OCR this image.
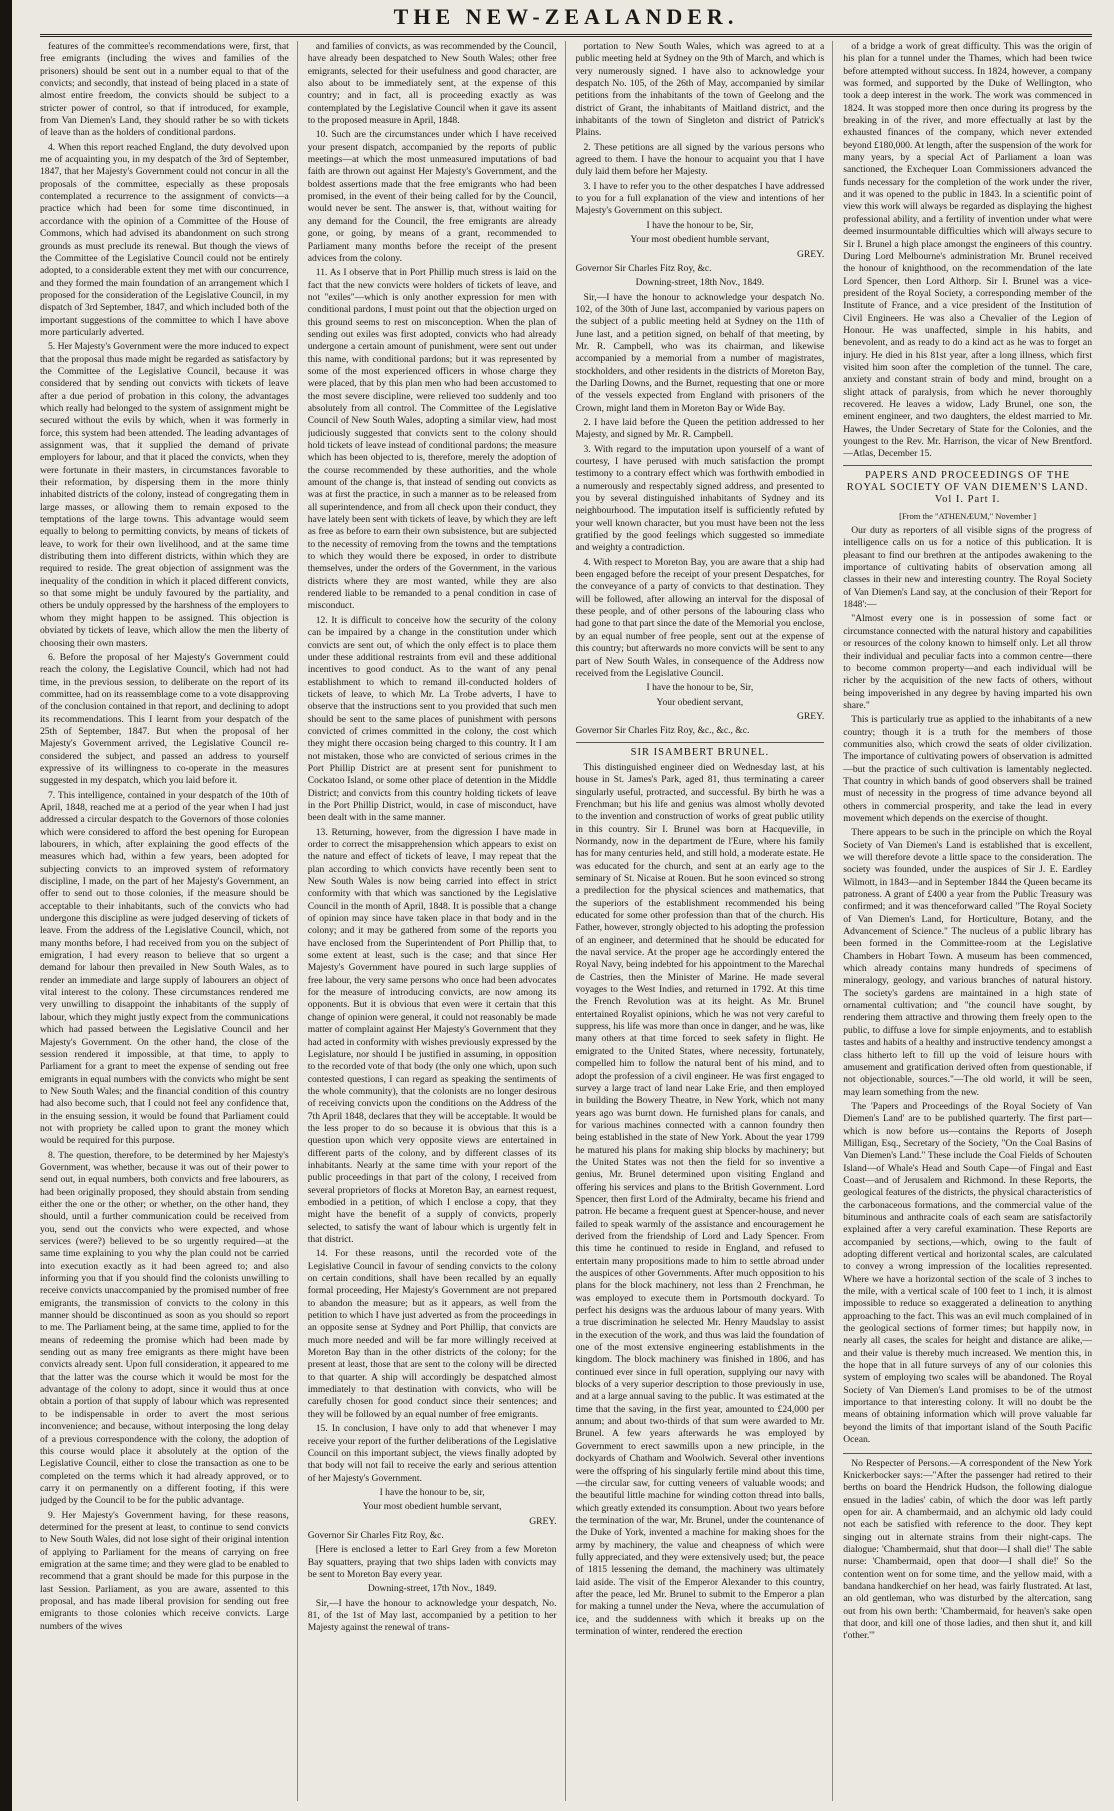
THE NEW-ZEALANDER.

features of the committee's recommendations were, first, that free emigrants (including the wives and families of the prisoners) should be sent out in a number equal to that of the convicts; and secondly, that instead of being placed in a state of almost entire freedom, the convicts should be subject to a stricter power of control, so that if introduced, for example, from Van Diemen's Land, they should rather be so with tickets of leave than as the holders of conditional pardons.

4. When this report reached England, the duty devolved upon me of acquainting you, in my despatch of the 3rd of September, 1847, that her Majesty's Government could not concur in all the proposals of the committee, especially as these proposals contemplated a recurrence to the assignment of convicts—a practice which had been for some time discontinued, in accordance with the opinion of a Committee of the House of Commons, which had advised its abandonment on such strong grounds as must preclude its renewal. But though the views of the Committee of the Legislative Council could not be entirely adopted, to a considerable extent they met with our concurrence, and they formed the main foundation of an arrangement which I proposed for the consideration of the Legislative Council, in my dispatch of 3rd September, 1847, and which included both of the important suggestions of the committee to which I have above more particularly adverted.

5. Her Majesty's Government were the more induced to expect that the proposal thus made might be regarded as satisfactory by the Committee of the Legislative Council, because it was considered that by sending out convicts with tickets of leave after a due period of probation in this colony, the advantages which really had belonged to the system of assignment might be secured without the evils by which, when it was formerly in force, this system had been attended. The leading advantages of assignment was, that it supplied the demand of private employers for labour, and that it placed the convicts, when they were fortunate in their masters, in circumstances favorable to their reformation, by dispersing them in the more thinly inhabited districts of the colony, instead of congregating them in large masses, or allowing them to remain exposed to the temptations of the large towns. This advantage would seem equally to belong to permitting convicts, by means of tickets of leave, to work for their own livelihood, and at the same time distributing them into different districts, within which they are required to reside. The great objection of assignment was the inequality of the condition in which it placed different convicts, so that some might be unduly favoured by the partiality, and others be unduly oppressed by the harshness of the employers to whom they might happen to be assigned. This objection is obviated by tickets of leave, which allow the men the liberty of choosing their own masters.

6. Before the proposal of her Majesty's Government could reach the colony, the Legislative Council, which had not had time, in the previous session, to deliberate on the report of its committee, had on its reassemblage come to a vote disapproving of the conclusion contained in that report, and declining to adopt its recommendations. This I learnt from your despatch of the 25th of September, 1847. But when the proposal of her Majesty's Government arrived, the Legislative Council re-considered the subject, and passed an address to yourself expressive of its willingness to co-operate in the measures suggested in my despatch, which you laid before it.

7. This intelligence, contained in your despatch of the 10th of April, 1848, reached me at a period of the year when I had just addressed a circular despatch to the Governors of those colonies which were considered to afford the best opening for European labourers, in which, after explaining the good effects of the measures which had, within a few years, been adopted for subjecting convicts to an improved system of reformatory discipline, I made, on the part of her Majesty's Government, an offer to send out to those colonies, if the measure should be acceptable to their inhabitants, such of the convicts who had undergone this discipline as were judged deserving of tickets of leave. From the address of the Legislative Council, which, not many months before, I had received from you on the subject of emigration, I had every reason to believe that so urgent a demand for labour then prevailed in New South Wales, as to render an immediate and large supply of labourers an object of vital interest to the colony. These circumstances rendered me very unwilling to disappoint the inhabitants of the supply of labour, which they might justly expect from the communications which had passed between the Legislative Council and her Majesty's Government. On the other hand, the close of the session rendered it impossible, at that time, to apply to Parliament for a grant to meet the expense of sending out free emigrants in equal numbers with the convicts who might be sent to New South Wales; and the financial condition of this country had also become such, that I could not feel any confidence that, in the ensuing session, it would be found that Parliament could not with propriety be called upon to grant the money which would be required for this purpose.

8. The question, therefore, to be determined by her Majesty's Government, was whether, because it was out of their power to send out, in equal numbers, both convicts and free labourers, as had been originally proposed, they should abstain from sending either the one or the other; or whether, on the other hand, they should, until a further communication could be received from you, send out the convicts who were expected, and whose services (were?) believed to be so urgently required—at the same time explaining to you why the plan could not be carried into execution exactly as it had been agreed to; and also informing you that if you should find the colonists unwilling to receive convicts unaccompanied by the promised number of free emigrants, the transmission of convicts to the colony in this manner should be discontinued as soon as you should so report to me. The Parliament being, at the same time, applied to for the means of redeeming the promise which had been made by sending out as many free emigrants as there might have been convicts already sent. Upon full consideration, it appeared to me that the latter was the course which it would be most for the advantage of the colony to adopt, since it would thus at once obtain a portion of that supply of labour which was represented to be indispensable in order to avert the most serious inconvenience; and because, without interposing the long delay of a previous correspondence with the colony, the adoption of this course would place it absolutely at the option of the Legislative Council, either to close the transaction as one to be completed on the terms which it had already approved, or to carry it on permanently on a different footing, if this were judged by the Council to be for the public advantage.

9. Her Majesty's Government having, for these reasons, determined for the present at least, to continue to send convicts to New South Wales, did not lose sight of their original intention of applying to Parliament for the means of carrying on free emigration at the same time; and they were glad to be enabled to recommend that a grant should be made for this purpose in the last Session. Parliament, as you are aware, assented to this proposal, and has made liberal provision for sending out free emigrants to those colonies which receive convicts. Large numbers of the wives

and families of convicts, as was recommended by the Council, have already been despatched to New South Wales; other free emigrants, selected for their usefulness and good character, are also about to be immediately sent, at the expense of this country; and in fact, all is proceeding exactly as was contemplated by the Legislative Council when it gave its assent to the proposed measure in April, 1848.

10. Such are the circumstances under which I have received your present dispatch, accompanied by the reports of public meetings—at which the most unmeasured imputations of bad faith are thrown out against Her Majesty's Government, and the boldest assertions made that the free emigrants who had been promised, in the event of their being called for by the Council, would never be sent. The answer is, that, without waiting for any demand for the Council, the free emigrants are already gone, or going, by means of a grant, recommended to Parliament many months before the receipt of the present advices from the colony.

11. As I observe that in Port Phillip much stress is laid on the fact that the new convicts were holders of tickets of leave, and not "exiles"—which is only another expression for men with conditional pardons, I must point out that the objection urged on this ground seems to rest on misconception. When the plan of sending out exiles was first adopted, convicts who had already undergone a certain amount of punishment, were sent out under this name, with conditional pardons; but it was represented by some of the most experienced officers in whose charge they were placed, that by this plan men who had been accustomed to the most severe discipline, were relieved too suddenly and too absolutely from all control. The Committee of the Legislative Council of New South Wales, adopting a similar view, had most judiciously suggested that convicts sent to the colony should hold tickets of leave instead of conditional pardons; the measure which has been objected to is, therefore, merely the adoption of the course recommended by these authorities, and the whole amount of the change is, that instead of sending out convicts as was at first the practice, in such a manner as to be released from all superintendence, and from all check upon their conduct, they have lately been sent with tickets of leave, by which they are left as free as before to earn their own subsistence, but are subjected to the necessity of removing from the towns and the temptations to which they would there be exposed, in order to distribute themselves, under the orders of the Government, in the various districts where they are most wanted, while they are also rendered liable to be remanded to a penal condition in case of misconduct.

12. It is difficult to conceive how the security of the colony can be impaired by a change in the constitution under which convicts are sent out, of which the only effect is to place them under these additional restraints from evil and these additional incentives to good conduct. As to the want of any penal establishment to which to remand ill-conducted holders of tickets of leave, to which Mr. La Trobe adverts, I have to observe that the instructions sent to you provided that such men should be sent to the same places of punishment with persons convicted of crimes committed in the colony, the cost which they might there occasion being charged to this country. It I am not mistaken, those who are convicted of serious crimes in the Port Phillip District are at present sent for punishment to Cockatoo Island, or some other place of detention in the Middle District; and convicts from this country holding tickets of leave in the Port Phillip District, would, in case of misconduct, have been dealt with in the same manner.

13. Returning, however, from the digression I have made in order to correct the misapprehension which appears to exist on the nature and effect of tickets of leave, I may repeat that the plan according to which convicts have recently been sent to New South Wales is now being carried into effect in strict conformity with that which was sanctioned by the Legislative Council in the month of April, 1848. It is possible that a change of opinion may since have taken place in that body and in the colony; and it may be gathered from some of the reports you have enclosed from the Superintendent of Port Phillip that, to some extent at least, such is the case; and that since Her Majesty's Government have poured in such large supplies of free labour, the very same persons who once had been advocates for the measure of introducing convicts, are now among its opponents. But it is obvious that even were it certain that this change of opinion were general, it could not reasonably be made matter of complaint against Her Majesty's Government that they had acted in conformity with wishes previously expressed by the Legislature, nor should I be justified in assuming, in opposition to the recorded vote of that body (the only one which, upon such contested questions, I can regard as speaking the sentiments of the whole community), that the colonists are no longer desirous of receiving convicts upon the conditions on the Address of the 7th April 1848, declares that they will be acceptable. It would be the less proper to do so because it is obvious that this is a question upon which very opposite views are entertained in different parts of the colony, and by different classes of its inhabitants. Nearly at the same time with your report of the public proceedings in that part of the colony, I received from several proprietors of flocks at Moreton Bay, an earnest request, embodied in a petition, of which I enclose a copy, that they might have the benefit of a supply of convicts, properly selected, to satisfy the want of labour which is urgently felt in that district.

14. For these reasons, until the recorded vote of the Legislative Council in favour of sending convicts to the colony on certain conditions, shall have been recalled by an equally formal proceeding, Her Majesty's Government are not prepared to abandon the measure; but as it appears, as well from the petition to which I have just adverted as from the proceedings in an opposite sense at Sydney and Port Phillip, that convicts are much more needed and will be far more willingly received at Moreton Bay than in the other districts of the colony; for the present at least, those that are sent to the colony will be directed to that quarter. A ship will accordingly be despatched almost immediately to that destination with convicts, who will be carefully chosen for good conduct since their sentences; and they will be followed by an equal number of free emigrants.

15. In conclusion, I have only to add that whenever I may receive your report of the further deliberations of the Legislative Council on this important subject, the views finally adopted by that body will not fail to receive the early and serious attention of her Majesty's Government.

I have the honour to be, sir,

Your most obedient humble servant,

GREY.

Governor Sir Charles Fitz Roy, &c.

[Here is enclosed a letter to Earl Grey from a few Moreton Bay squatters, praying that two ships laden with convicts may be sent to Moreton Bay every year.

Downing-street, 17th Nov., 1849.

Sir,—I have the honour to acknowledge your despatch, No. 81, of the 1st of May last, accompanied by a petition to her Majesty against the renewal of trans-

portation to New South Wales, which was agreed to at a public meeting held at Sydney on the 9th of March, and which is very numerously signed. I have also to acknowledge your despatch No. 105, of the 26th of May, accompanied by similar petitions from the inhabitants of the town of Geelong and the district of Grant, the inhabitants of Maitland district, and the inhabitants of the town of Singleton and district of Patrick's Plains.

2. These petitions are all signed by the various persons who agreed to them. I have the honour to acquaint you that I have duly laid them before her Majesty.

3. I have to refer you to the other despatches I have addressed to you for a full explanation of the view and intentions of her Majesty's Government on this subject.

I have the honour to be, Sir,

Your most obedient humble servant,

GREY.

Governor Sir Charles Fitz Roy, &c.

Downing-street, 18th Nov., 1849.

Sir,—I have the honour to acknowledge your despatch No. 102, of the 30th of June last, accompanied by various papers on the subject of a public meeting held at Sydney on the 11th of June last, and a petition signed, on behalf of that meeting, by Mr. R. Campbell, who was its chairman, and likewise accompanied by a memorial from a number of magistrates, stockholders, and other residents in the districts of Moreton Bay, the Darling Downs, and the Burnet, requesting that one or more of the vessels expected from England with prisoners of the Crown, might land them in Moreton Bay or Wide Bay.

2. I have laid before the Queen the petition addressed to her Majesty, and signed by Mr. R. Campbell.

3. With regard to the imputation upon yourself of a want of courtesy, I have perused with much satisfaction the prompt testimony to a contrary effect which was forthwith embodied in a numerously and respectably signed address, and presented to you by several distinguished inhabitants of Sydney and its neighbourhood. The imputation itself is sufficiently refuted by your well known character, but you must have been not the less gratified by the good feelings which suggested so immediate and weighty a contradiction.

4. With respect to Moreton Bay, you are aware that a ship had been engaged before the receipt of your present Despatches, for the conveyance of a party of convicts to that destination. They will be followed, after allowing an interval for the disposal of these people, and of other persons of the labouring class who had gone to that part since the date of the Memorial you enclose, by an equal number of free people, sent out at the expense of this country; but afterwards no more convicts will be sent to any part of New South Wales, in consequence of the Address now received from the Legislative Council.

I have the honour to be, Sir,

Your obedient servant,

GREY.

Governor Sir Charles Fitz Roy, &c., &c., &c.

SIR ISAMBERT BRUNEL.

This distinguished engineer died on Wednesday last, at his house in St. James's Park, aged 81, thus terminating a career singularly useful, protracted, and successful. By birth he was a Frenchman; but his life and genius was almost wholly devoted to the invention and construction of works of great public utility in this country. Sir I. Brunel was born at Hacqueville, in Normandy, now in the department de l'Eure, where his family has for many centuries held, and still hold, a moderate estate. He was educated for the church, and sent at an early age to the seminary of St. Nicaise at Rouen. But he soon evinced so strong a predilection for the physical sciences and mathematics, that the superiors of the establishment recommended his being educated for some other profession than that of the church. His Father, however, strongly objected to his adopting the profession of an engineer, and determined that he should be educated for the naval service. At the proper age he accordingly entered the Royal Navy, being indebted for his appointment to the Marechal de Castries, then the Minister of Marine. He made several voyages to the West Indies, and returned in 1792. At this time the French Revolution was at its height. As Mr. Brunel entertained Royalist opinions, which he was not very careful to suppress, his life was more than once in danger, and he was, like many others at that time forced to seek safety in flight. He emigrated to the United States, where necessity, fortunately, compelled him to follow the natural bent of his mind, and to adopt the profession of a civil engineer. He was first engaged to survey a large tract of land near Lake Erie, and then employed in building the Bowery Theatre, in New York, which not many years ago was burnt down. He furnished plans for canals, and for various machines connected with a cannon foundry then being established in the state of New York. About the year 1799 he matured his plans for making ship blocks by machinery; but the United States was not then the field for so inventive a genius, Mr. Brunel determined upon visiting England and offering his services and plans to the British Government. Lord Spencer, then first Lord of the Admiralty, became his friend and patron. He became a frequent guest at Spencer-house, and never failed to speak warmly of the assistance and encouragement he derived from the friendship of Lord and Lady Spencer. From this time he continued to reside in England, and refused to entertain many propositions made to him to settle abroad under the auspices of other Governments. After much opposition to his plans for the block machinery, not less than 2 Frenchman, he was employed to execute them in Portsmouth dockyard. To perfect his designs was the arduous labour of many years. With a true discrimination he selected Mr. Henry Maudslay to assist in the execution of the work, and thus was laid the foundation of one of the most extensive engineering establishments in the kingdom. The block machinery was finished in 1806, and has continued ever since in full operation, supplying our navy with blocks of a very superior description to those previously in use, and at a large annual saving to the public. It was estimated at the time that the saving, in the first year, amounted to £24,000 per annum; and about two-thirds of that sum were awarded to Mr. Brunel. A few years afterwards he was employed by Government to erect sawmills upon a new principle, in the dockyards of Chatham and Woolwich. Several other inventions were the offspring of his singularly fertile mind about this time,—the circular saw, for cutting veneers of valuable woods; and the beautiful little machine for winding cotton thread into balls, which greatly extended its consumption. About two years before the termination of the war, Mr. Brunel, under the countenance of the Duke of York, invented a machine for making shoes for the army by machinery, the value and cheapness of which were fully appreciated, and they were extensively used; but, the peace of 1815 lessening the demand, the machinery was ultimately laid aside. The visit of the Emperor Alexander to this country, after the peace, led Mr. Brunel to submit to the Emperor a plan for making a tunnel under the Neva, where the accumulation of ice, and the suddenness with which it breaks up on the termination of winter, rendered the erection

of a bridge a work of great difficulty. This was the origin of his plan for a tunnel under the Thames, which had been twice before attempted without success. In 1824, however, a company was formed, and supported by the Duke of Wellington, who took a deep interest in the work. The work was commenced in 1824. It was stopped more then once during its progress by the breaking in of the river, and more effectually at last by the exhausted finances of the company, which never extended beyond £180,000. At length, after the suspension of the work for many years, by a special Act of Parliament a loan was sanctioned, the Exchequer Loan Commissioners advanced the funds necessary for the completion of the work under the river, and it was opened to the public in 1843. In a scientific point of view this work will always be regarded as displaying the highest professional ability, and a fertility of invention under what were deemed insurmountable difficulties which will always secure to Sir I. Brunel a high place amongst the engineers of this country. During Lord Melbourne's administration Mr. Brunel received the honour of knighthood, on the recommendation of the late Lord Spencer, then Lord Althorp. Sir I. Brunel was a vice-president of the Royal Society, a corresponding member of the Institute of France, and a vice president of the Institution of Civil Engineers. He was also a Chevalier of the Legion of Honour. He was unaffected, simple in his habits, and benevolent, and as ready to do a kind act as he was to forget an injury. He died in his 81st year, after a long illness, which first visited him soon after the completion of the tunnel. The care, anxiety and constant strain of body and mind, brought on a slight attack of paralysis, from which he never thoroughly recovered. He leaves a widow, Lady Brunel, one son, the eminent engineer, and two daughters, the eldest married to Mr. Hawes, the Under Secretary of State for the Colonies, and the youngest to the Rev. Mr. Harrison, the vicar of New Brentford.—Atlas, December 15.

PAPERS AND PROCEEDINGS OF THE ROYAL SOCIETY OF VAN DIEMEN'S LAND. Vol I. Part I.
[From the "ATHENÆUM," November ]

Our duty as reporters of all visible signs of the progress of intelligence calls on us for a notice of this publication. It is pleasant to find our brethren at the antipodes awakening to the importance of cultivating habits of observation among all classes in their new and interesting country. The Royal Society of Van Diemen's Land say, at the conclusion of their 'Report for 1848':—

"Almost every one is in possession of some fact or circumstance connected with the natural history and capabilities or resources of the colony known to himself only. Let all throw their individual and peculiar facts into a common centre—there to become common property—and each individual will be richer by the acquisition of the new facts of others, without being impoverished in any degree by having imparted his own share."

This is particularly true as applied to the inhabitants of a new country; though it is a truth for the members of those communities also, which crowd the seats of older civilization. The importance of cultivating powers of observation is admitted—but the practice of such cultivation is lamentably neglected. That country in which bands of good observers shall be trained must of necessity in the progress of time advance beyond all others in commercial prosperity, and take the lead in every movement which depends on the exercise of thought.

There appears to be such in the principle on which the Royal Society of Van Diemen's Land is established that is excellent, we will therefore devote a little space to the consideration. The society was founded, under the auspices of Sir J. E. Eardley Wilmott, in 1843—and in September 1844 the Queen became its patroness. A grant of £400 a year from the Public Treasury was confirmed; and it was thenceforward called "The Royal Society of Van Diemen's Land, for Horticulture, Botany, and the Advancement of Science." The nucleus of a public library has been formed in the Committee-room at the Legislative Chambers in Hobart Town. A museum has been commenced, which already contains many hundreds of specimens of mineralogy, geology, and various branches of natural history. The society's gardens are maintained in a high state of ornamental cultivation; and "the council have sought, by rendering them attractive and throwing them freely open to the public, to diffuse a love for simple enjoyments, and to establish tastes and habits of a healthy and instructive tendency amongst a class hitherto left to fill up the void of leisure hours with amusement and gratification derived often from questionable, if not objectionable, sources."—The old world, it will be seen, may learn something from the new.

The 'Papers and Proceedings of the Royal Society of Van Diemen's Land' are to be published quarterly. The first part—which is now before us—contains the Reports of Joseph Milligan, Esq., Secretary of the Society, "On the Coal Basins of Van Diemen's Land." These include the Coal Fields of Schouten Island—of Whale's Head and South Cape—of Fingal and East Coast—and of Jerusalem and Richmond. In these Reports, the geological features of the districts, the physical characteristics of the carbonaceous formations, and the commercial value of the bituminous and anthracite coals of each seam are satisfactorily explained after a very careful examination. These Reports are accompanied by sections,—which, owing to the fault of adopting different vertical and horizontal scales, are calculated to convey a wrong impression of the localities represented. Where we have a horizontal section of the scale of 3 inches to the mile, with a vertical scale of 100 feet to 1 inch, it is almost impossible to reduce so exaggerated a delineation to anything approaching to the fact. This was an evil much complained of in the geological sections of former times; but happily now, in nearly all cases, the scales for height and distance are alike,—and their value is thereby much increased. We mention this, in the hope that in all future surveys of any of our colonies this system of employing two scales will be abandoned. The Royal Society of Van Diemen's Land promises to be of the utmost importance to that interesting colony. It will no doubt be the means of obtaining information which will prove valuable far beyond the limits of that important island of the South Pacific Ocean.

No Respecter of Persons.—A correspondent of the New York Knickerbocker says:—"After the passenger had retired to their berths on board the Hendrick Hudson, the following dialogue ensued in the ladies' cabin, of which the door was left partly open for air. A chambermaid, and an alchymic old lady could not each be satisfied with reference to the door. They kept singing out in alternate strains from their night-caps. The dialogue: 'Chambermaid, shut that door—I shall die!' The sable nurse: 'Chambermaid, open that door—I shall die!' So the contention went on for some time, and the yellow maid, with a bandana handkerchief on her head, was fairly flustrated. At last, an old gentleman, who was disturbed by the altercation, sang out from his own berth: 'Chambermaid, for heaven's sake open that door, and kill one of those ladies, and then shut it, and kill t'other.'"
